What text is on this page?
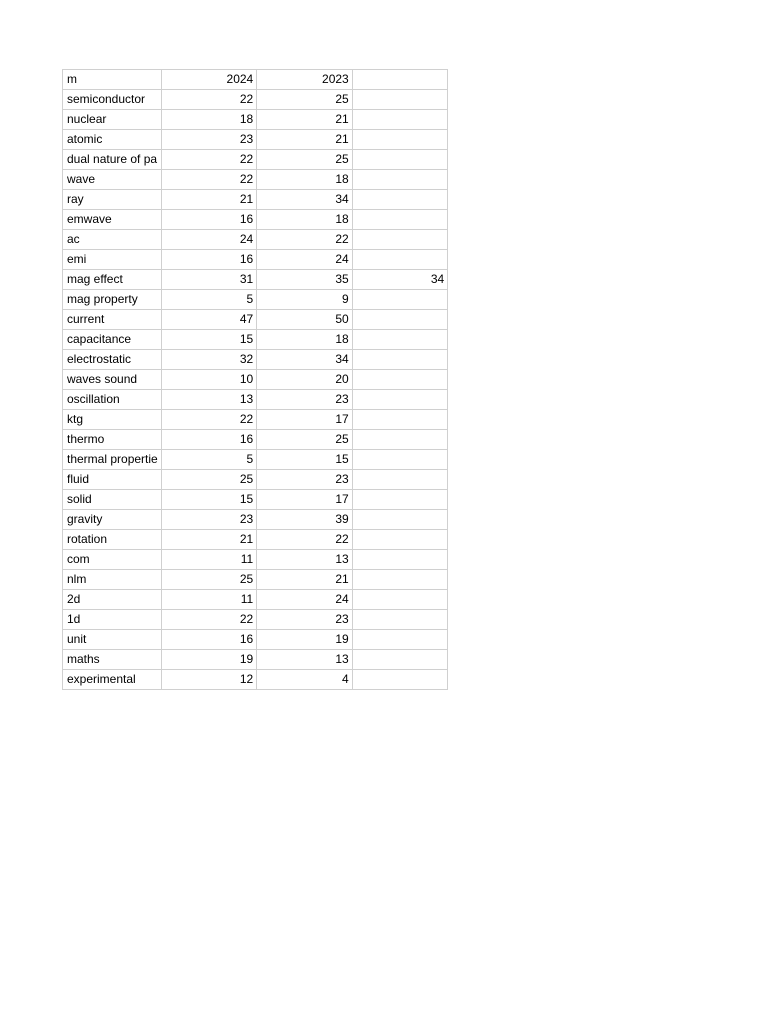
m	2024	2023	
semiconductor	22	25	
nuclear	18	21	
atomic	23	21	
dual nature of pa	22	25	
wave	22	18	
ray	21	34	
emwave	16	18	
ac	24	22	
emi	16	24	
mag effect	31	35	34
mag property	5	9	
current	47	50	
capacitance	15	18	
electrostatic	32	34	
waves sound	10	20	
oscillation	13	23	
ktg	22	17	
thermo	16	25	
thermal propertie	5	15	
fluid	25	23	
solid	15	17	
gravity	23	39	
rotation	21	22	
com	11	13	
nlm	25	21	
2d	11	24	
1d	22	23	
unit	16	19	
maths	19	13	
experimental	12	4	
